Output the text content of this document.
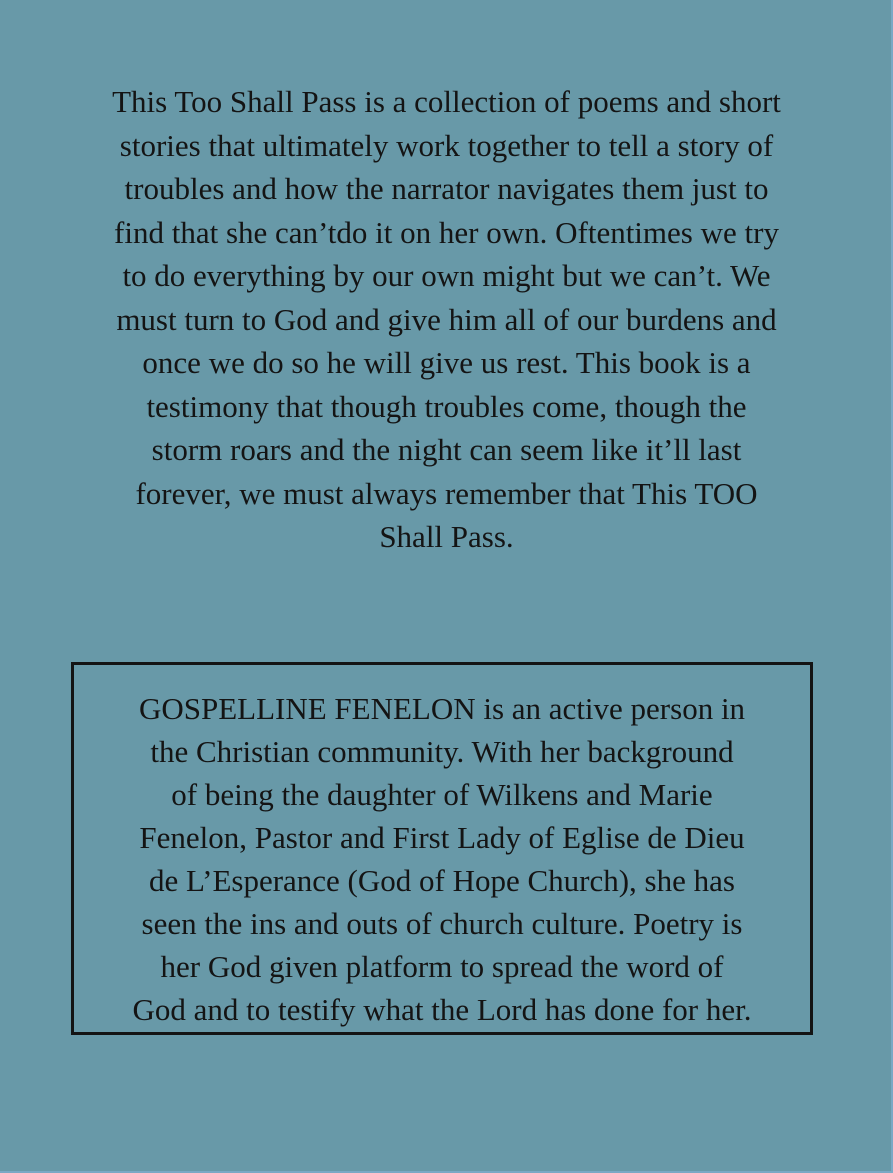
This Too Shall Pass is a collection of poems and short
stories that ultimately work together to tell a story of
troubles and how the narrator navigates them just to
find that she can’tdo it on her own. Oftentimes we try
to do everything by our own might but we can’t. We
must turn to God and give him all of our burdens and
once we do so he will give us rest. This book is a
testimony that though troubles come, though the
storm roars and the night can seem like it’ll last
forever, we must always remember that This TOO
Shall Pass.
GOSPELLINE FENELON is an active person in
the Christian community. With her background
of being the daughter of Wilkens and Marie
Fenelon, Pastor and First Lady of Eglise de Dieu
de L’Esperance (God of Hope Church), she has
seen the ins and outs of church culture. Poetry is
her God given platform to spread the word of
God and to testify what the Lord has done for her.
